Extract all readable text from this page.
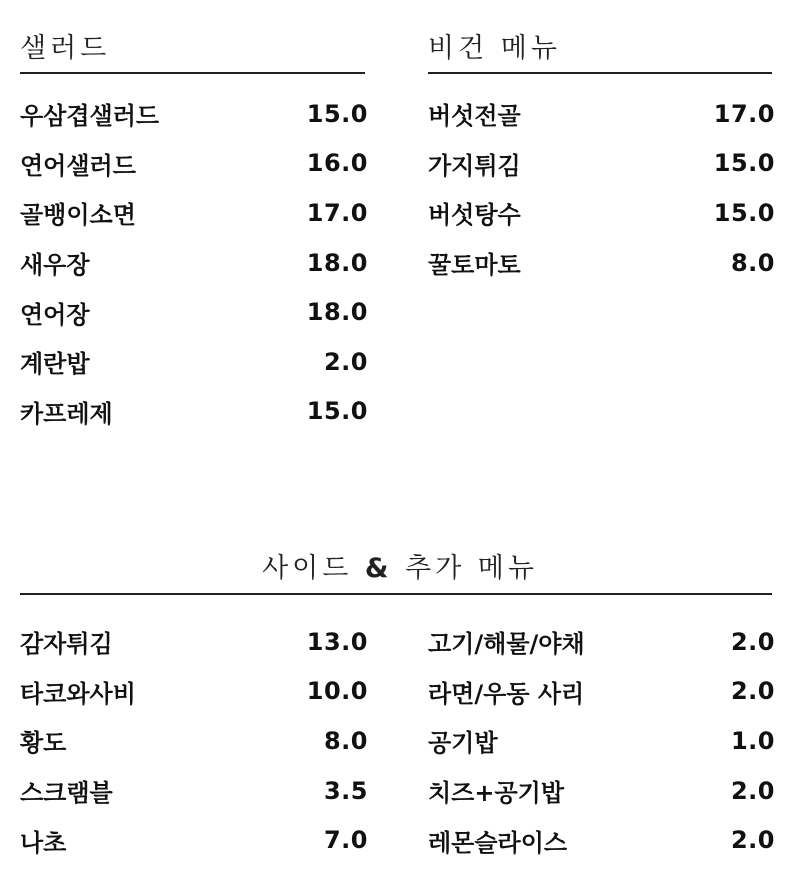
샐러드
우삼겹샐러드	15.0
연어샐러드	16.0
골뱅이소면	17.0
새우장	18.0
연어장	18.0
계란밥	2.0
카프레제	15.0
비건 메뉴
버섯전골	17.0
가지튀김	15.0
버섯탕수	15.0
꿀토마토	8.0
사이드 & 추가 메뉴
감자튀김	13.0
타코와사비	10.0
황도	8.0
스크램블	3.5
나초	7.0
고기/해물/야채	2.0
라면/우동 사리	2.0
공기밥	1.0
치즈+공기밥	2.0
레몬슬라이스	2.0
